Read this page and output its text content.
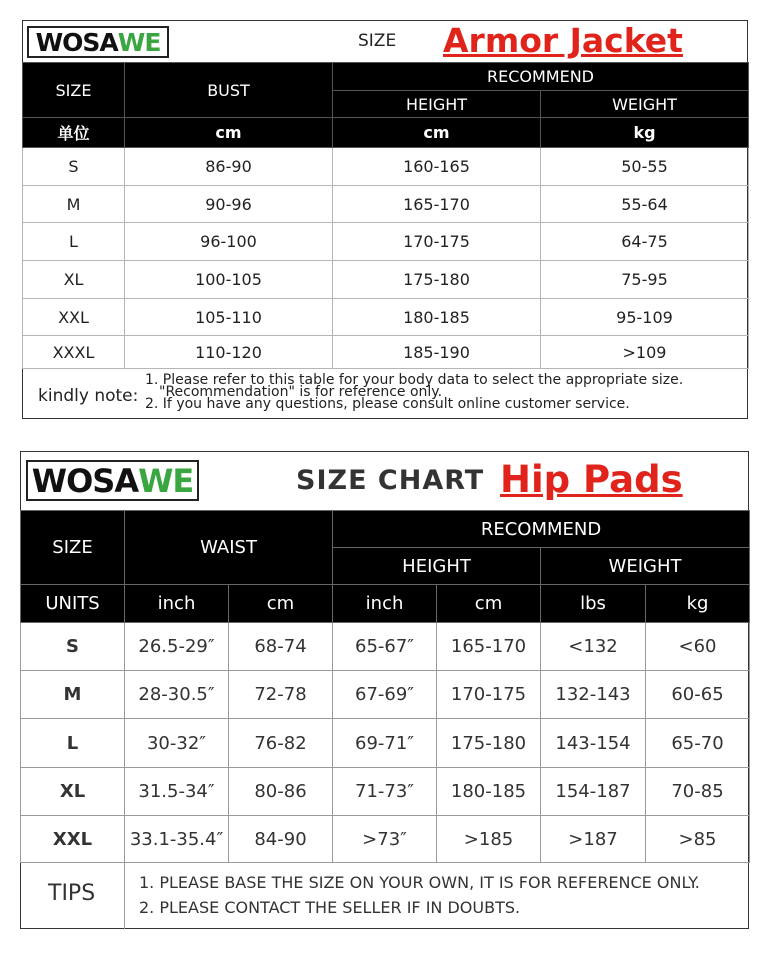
WOSA WE	SIZE Armor Jacket
SIZE	BUST	RECOMMEND	
		HEIGHT	WEIGHT
单位	cm	cm	kg
S	86-90	160-165	50-55
M	90-96	165-170	55-64
L	96-100	170-175	64-75
XL	100-105	175-180	75-95
XXL	105-110	180-185	95-109
XXXL	110-120	185-190	>109
kindly note:
1. Please refer to this table for your body data to select the appropriate size.
"Recommendation" is for reference only.
2. If you have any questions, please consult online customer service.
WOSA WE	SIZE CHART Hip Pads
SIZE	WAIST		RECOMMEND			
			HEIGHT		WEIGHT	
UNITS	inch	cm	inch	cm	lbs	kg
S	26.5-29″	68-74	65-67″	165-170	<132	<60
M	28-30.5″	72-78	67-69″	170-175	132-143	60-65
L	30-32″	76-82	69-71″	175-180	143-154	65-70
XL	31.5-34″	80-86	71-73″	180-185	154-187	70-85
XXL	33.1-35.4″	84-90	>73″	>185	>187	>85
TIPS	1. PLEASE BASE THE SIZE ON YOUR OWN, IT IS FOR REFERENCE ONLY.
2. PLEASE CONTACT THE SELLER IF IN DOUBTS.
